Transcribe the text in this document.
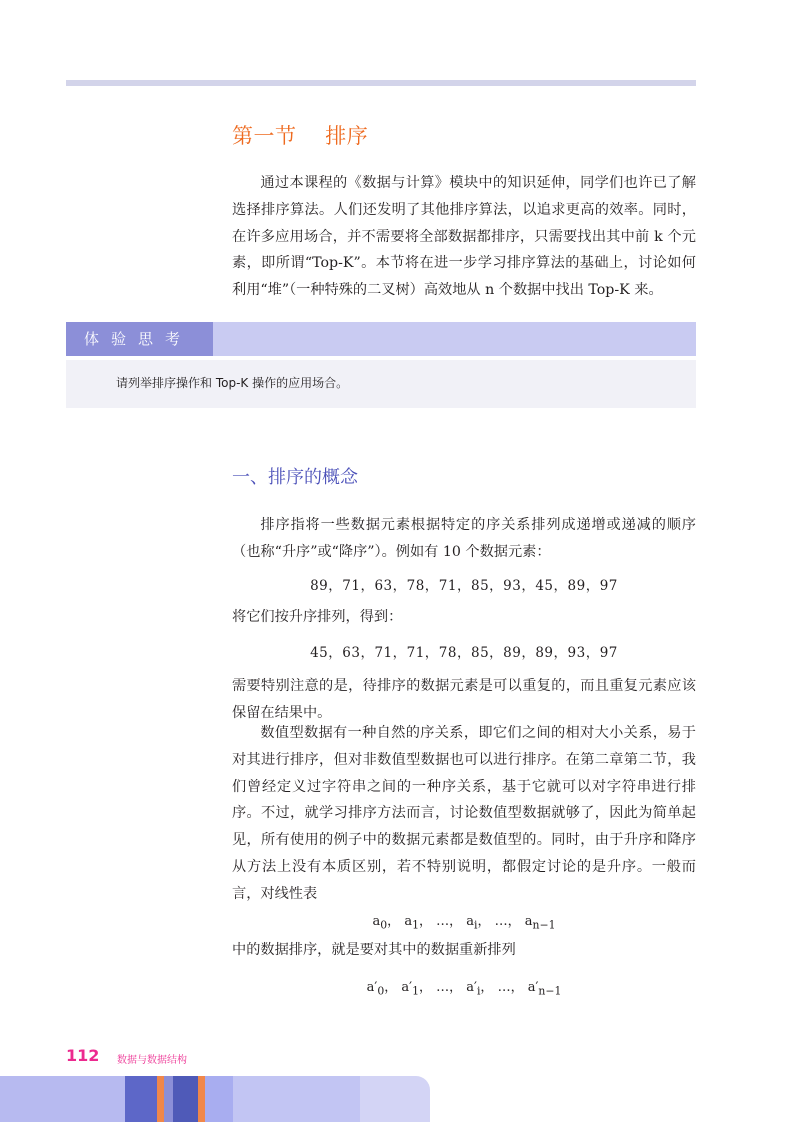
第一节    排序

通过本课程的《数据与计算》模块中的知识延伸，同学们也许已了解选择排序算法。人们还发明了其他排序算法，以追求更高的效率。同时，在许多应用场合，并不需要将全部数据都排序，只需要找出其中前 k 个元素，即所谓“Top-K”。本节将在进一步学习排序算法的基础上，讨论如何利用“堆”（一种特殊的二叉树）高效地从 n 个数据中找出 Top-K 来。

体验思考
请列举排序操作和 Top-K 操作的应用场合。
一、排序的概念

排序指将一些数据元素根据特定的序关系排列成递增或递减的顺序（也称“升序”或“降序”）。例如有 10 个数据元素：

89，71，63，78，71，85，93，45，89，97

将它们按升序排列，得到：

45，63，71，71，78，85，89，89，93，97

需要特别注意的是，待排序的数据元素是可以重复的，而且重复元素应该保留在结果中。

数值型数据有一种自然的序关系，即它们之间的相对大小关系，易于对其进行排序，但对非数值型数据也可以进行排序。在第二章第二节，我们曾经定义过字符串之间的一种序关系，基于它就可以对字符串进行排序。不过，就学习排序方法而言，讨论数值型数据就够了，因此为简单起见，所有使用的例子中的数据元素都是数值型的。同时，由于升序和降序从方法上没有本质区别，若不特别说明，都假定讨论的是升序。一般而言，对线性表

$a_0$， $a_1$， …， $a_i$， …， $a_{n-1}$

中的数据排序，就是要对其中的数据重新排列

$a'_0$， $a'_1$， …， $a'_i$， …， $a'_{n-1}$
112 数据与数据结构
